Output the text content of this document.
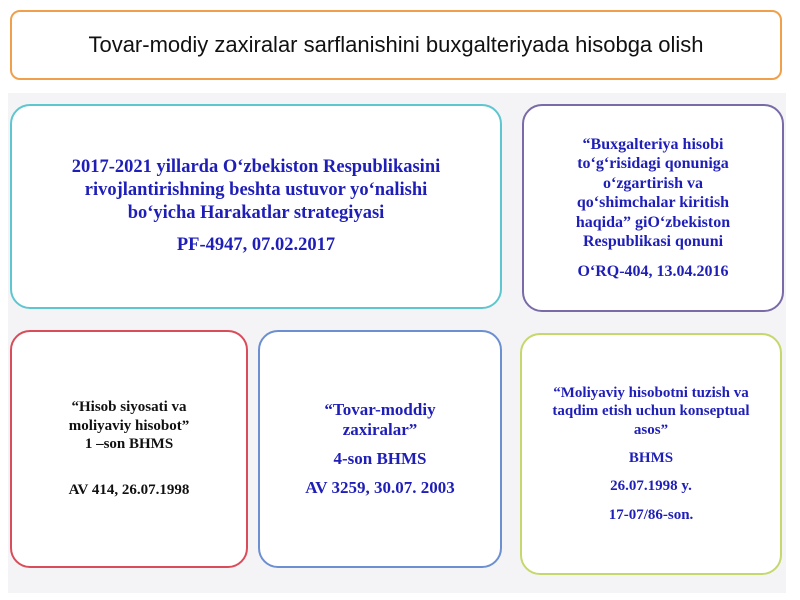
Tovar-modiy zaxiralar sarflanishini buxgalteriyada hisobga olish

2017-2021 yillarda O‘zbekiston Respublikasini

rivojlantirishning beshta ustuvor yo‘nalishi

bo‘yicha Harakatlar strategiyasi

PF-4947, 07.02.2017

“Buxgalteriya hisobi

to‘g‘risidagi qonuniga

o‘zgartirish va

qo‘shimchalar kiritish

haqida” giO‘zbekiston

Respublikasi qonuni

O‘RQ-404, 13.04.2016

“Hisob siyosati va

moliyaviy hisobot”

1 –son BHMS

AV 414, 26.07.1998

“Tovar-moddiy

zaxiralar”

4-son BHMS

AV 3259, 30.07. 2003

“Moliyaviy hisobotni tuzish va

taqdim etish uchun konseptual

asos”

BHMS

26.07.1998 y.

17-07/86-son.
